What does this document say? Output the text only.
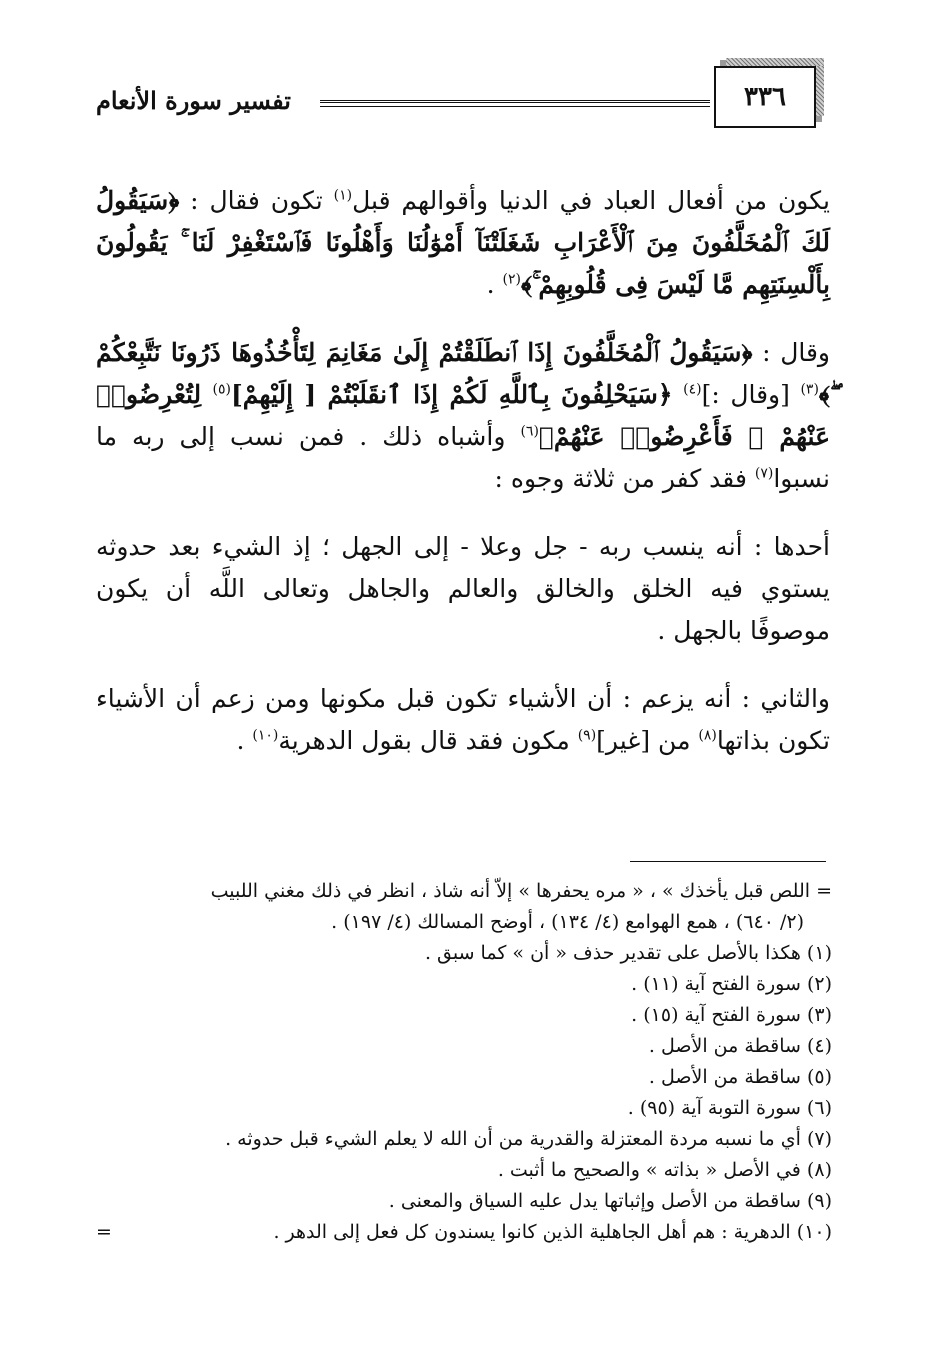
٣٣٦
تفسير سورة الأنعام

يكون من أفعال العباد في الدنيا وأقوالهم قبل$^{(١)}$ تكون فقال : ﴿سَيَقُولُ لَكَ ٱلْمُخَلَّفُونَ مِنَ ٱلْأَعْرَابِ شَغَلَتْنَآ أَمْوَٰلُنَا وَأَهْلُونَا فَٱسْتَغْفِرْ لَنَا ۚ يَقُولُونَ بِأَلْسِنَتِهِم مَّا لَيْسَ فِى قُلُوبِهِمْ ۚ﴾$^{(٢)}$ .

وقال : ﴿سَيَقُولُ ٱلْمُخَلَّفُونَ إِذَا ٱنطَلَقْتُمْ إِلَىٰ مَغَانِمَ لِتَأْخُذُوهَا ذَرُونَا نَتَّبِعْكُمْ ۖ﴾$^{(٣)}$ [وقال :]$^{(٤)}$ ﴿سَيَحْلِفُونَ بِٱللَّهِ لَكُمْ إِذَا ٱنقَلَبْتُمْ [ إِلَيْهِمْ]$^{(٥)}$ لِتُعْرِضُوا۟ عَنْهُمْ ۖ فَأَعْرِضُوا۟ عَنْهُمْ﴾$^{(٦)}$ وأشباه ذلك . فمن نسب إلى ربه ما نسبوا$^{(٧)}$ فقد كفر من ثلاثة وجوه :

أحدها : أنه ينسب ربه - جل وعلا - إلى الجهل ؛ إذ الشيء بعد حدوثه يستوي فيه الخلق والخالق والعالم والجاهل وتعالى اللَّه أن يكون موصوفًا بالجهل .

والثاني : أنه يزعم : أن الأشياء تكون قبل مكونها ومن زعم أن الأشياء تكون بذاتها$^{(٨)}$ من [غير]$^{(٩)}$ مكون فقد قال بقول الدهرية$^{(١٠)}$ .

= اللص قبل يأخذك » ، « مره يحفرها » إلاّ أنه شاذ ، انظر في ذلك مغني اللبيب
(٢/ ٦٤٠) ، همع الهوامع (٤/ ١٣٤) ، أوضح المسالك (٤/ ١٩٧) .
(١) هكذا بالأصل على تقدير حذف « أن » كما سبق .
(٢) سورة الفتح آية (١١) .
(٣) سورة الفتح آية (١٥) .
(٤) ساقطة من الأصل .
(٥) ساقطة من الأصل .
(٦) سورة التوبة آية (٩٥) .
(٧) أي ما نسبه مردة المعتزلة والقدرية من أن الله لا يعلم الشيء قبل حدوثه .
(٨) في الأصل « بذاته » والصحيح ما أثبت .
(٩) ساقطة من الأصل وإثباتها يدل عليه السياق والمعنى .
(١٠) الدهرية : هم أهل الجاهلية الذين كانوا يسندون كل فعل إلى الدهر .
=
